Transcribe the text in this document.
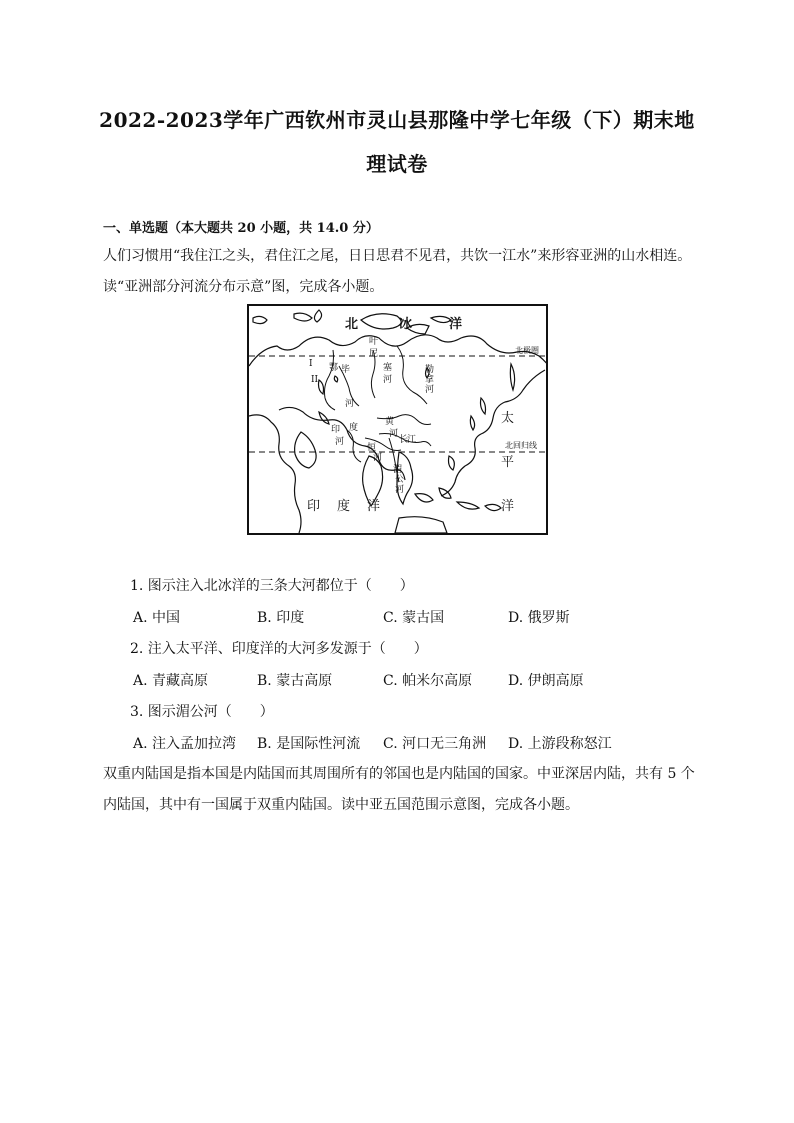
2022-2023学年广西钦州市灵山县那隆中学七年级（下）期末地
理试卷
一、单选题（本大题共 20 小题，共 14.0 分）
人们习惯用“我住江之头，君住江之尾，日日思君不见君，共饮一江水”来形容亚洲的山水相连。读“亚洲部分河流分布示意”图，完成各小题。
北	冰	洋
北极圈
北回归线
太
平
洋
印 度 洋
鄂 毕
河
叶
尼
塞
河
勒
拿
河
印 度
河
恒
河
黄
河
长
江
湄
公
河
I
II
1. 图示注入北冰洋的三条大河都位于（　　）
A. 中国	B. 印度	C. 蒙古国	D. 俄罗斯
2. 注入太平洋、印度洋的大河多发源于（　　）
A. 青藏高原	B. 蒙古高原	C. 帕米尔高原	D. 伊朗高原
3. 图示湄公河（　　）
A. 注入孟加拉湾 B. 是国际性河流 C. 河口无三角洲 D. 上游段称怒江
双重内陆国是指本国是内陆国而其周围所有的邻国也是内陆国的国家。中亚深居内陆，共有 5 个内陆国，其中有一国属于双重内陆国。读中亚五国范围示意图，完成各小题。
